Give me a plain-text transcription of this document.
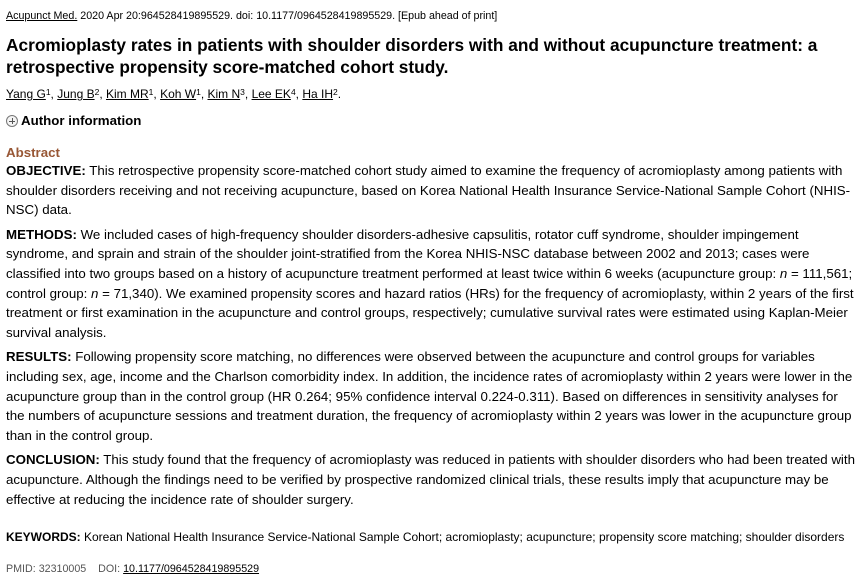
Acupunct Med. 2020 Apr 20:964528419895529. doi: 10.1177/0964528419895529. [Epub ahead of print]
Acromioplasty rates in patients with shoulder disorders with and without acupuncture treatment: a retrospective propensity score-matched cohort study.
Yang $G^1$, Jung $B^2$, Kim $MR^1$, Koh $W^1$, Kim $N^3$, Lee $EK^4$, Ha $IH^2$.
Author information
Abstract

OBJECTIVE: This retrospective propensity score-matched cohort study aimed to examine the frequency of acromioplasty among patients with shoulder disorders receiving and not receiving acupuncture, based on Korea National Health Insurance Service-National Sample Cohort (NHIS-NSC) data.

METHODS: We included cases of high-frequency shoulder disorders-adhesive capsulitis, rotator cuff syndrome, shoulder impingement syndrome, and sprain and strain of the shoulder joint-stratified from the Korea NHIS-NSC database between 2002 and 2013; cases were classified into two groups based on a history of acupuncture treatment performed at least twice within 6 weeks (acupuncture group: n = 111,561; control group: n = 71,340). We examined propensity scores and hazard ratios (HRs) for the frequency of acromioplasty, within 2 years of the first treatment or first examination in the acupuncture and control groups, respectively; cumulative survival rates were estimated using Kaplan-Meier survival analysis.

RESULTS: Following propensity score matching, no differences were observed between the acupuncture and control groups for variables including sex, age, income and the Charlson comorbidity index. In addition, the incidence rates of acromioplasty within 2 years were lower in the acupuncture group than in the control group (HR 0.264; 95% confidence interval 0.224-0.311). Based on differences in sensitivity analyses for the numbers of acupuncture sessions and treatment duration, the frequency of acromioplasty within 2 years was lower in the acupuncture group than in the control group.

CONCLUSION: This study found that the frequency of acromioplasty was reduced in patients with shoulder disorders who had been treated with acupuncture. Although the findings need to be verified by prospective randomized clinical trials, these results imply that acupuncture may be effective at reducing the incidence rate of shoulder surgery.

KEYWORDS: Korean National Health Insurance Service-National Sample Cohort; acromioplasty; acupuncture; propensity score matching; shoulder disorders
PMID: 32310005 DOI: 10.1177/0964528419895529
